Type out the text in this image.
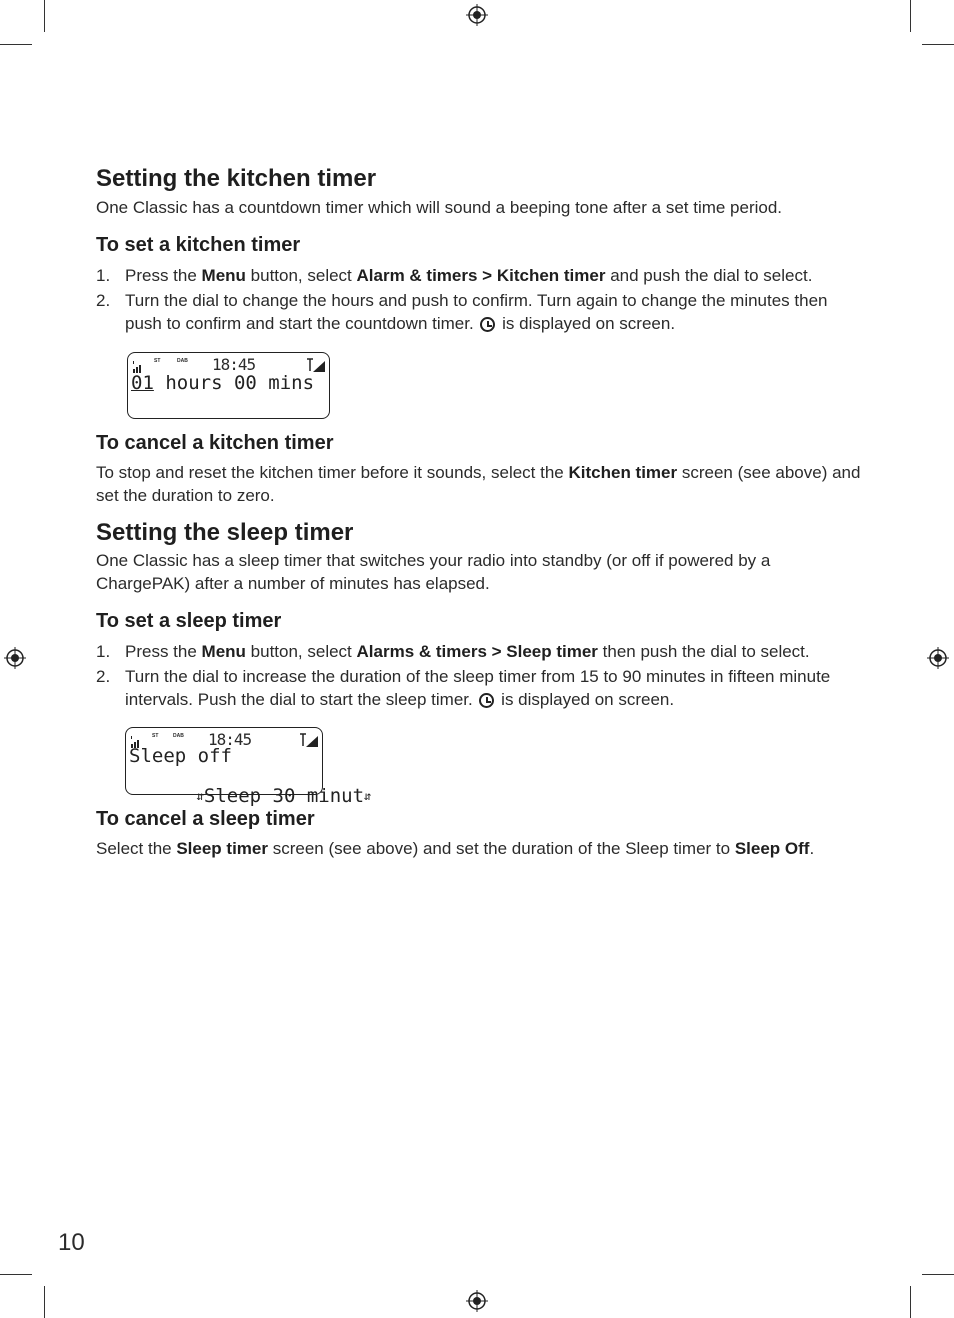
Setting the kitchen timer

One Classic has a countdown timer which will sound a beeping tone after a set time period.

To set a kitchen timer
1. Press the Menu button, select Alarm & timers > Kitchen timer and push the dial to select.
2. Turn the dial to change the hours and push to confirm. Turn again to change the minutes then push to confirm and start the countdown timer.  is displayed on screen.
ST	DAB 18:45
01 hours 00 mins
To cancel a kitchen timer

To stop and reset the kitchen timer before it sounds, select the Kitchen timer screen (see above) and set the duration to zero.

Setting the sleep timer

One Classic has a sleep timer that switches your radio into standby (or off if powered by a ChargePAK) after a number of minutes has elapsed.

To set a sleep timer
1. Press the Menu button, select Alarms & timers > Sleep timer then push the dial to select.
2. Turn the dial to increase the duration of the sleep timer from 15 to 90 minutes in fifteen minute intervals. Push the dial to start the sleep timer.  is displayed on screen.
ST	DAB 18:45
Sleep off

⇵Sleep 30 minut⇵

To cancel a sleep timer

Select the Sleep timer screen (see above) and set the duration of the Sleep timer to Sleep Off.

10
